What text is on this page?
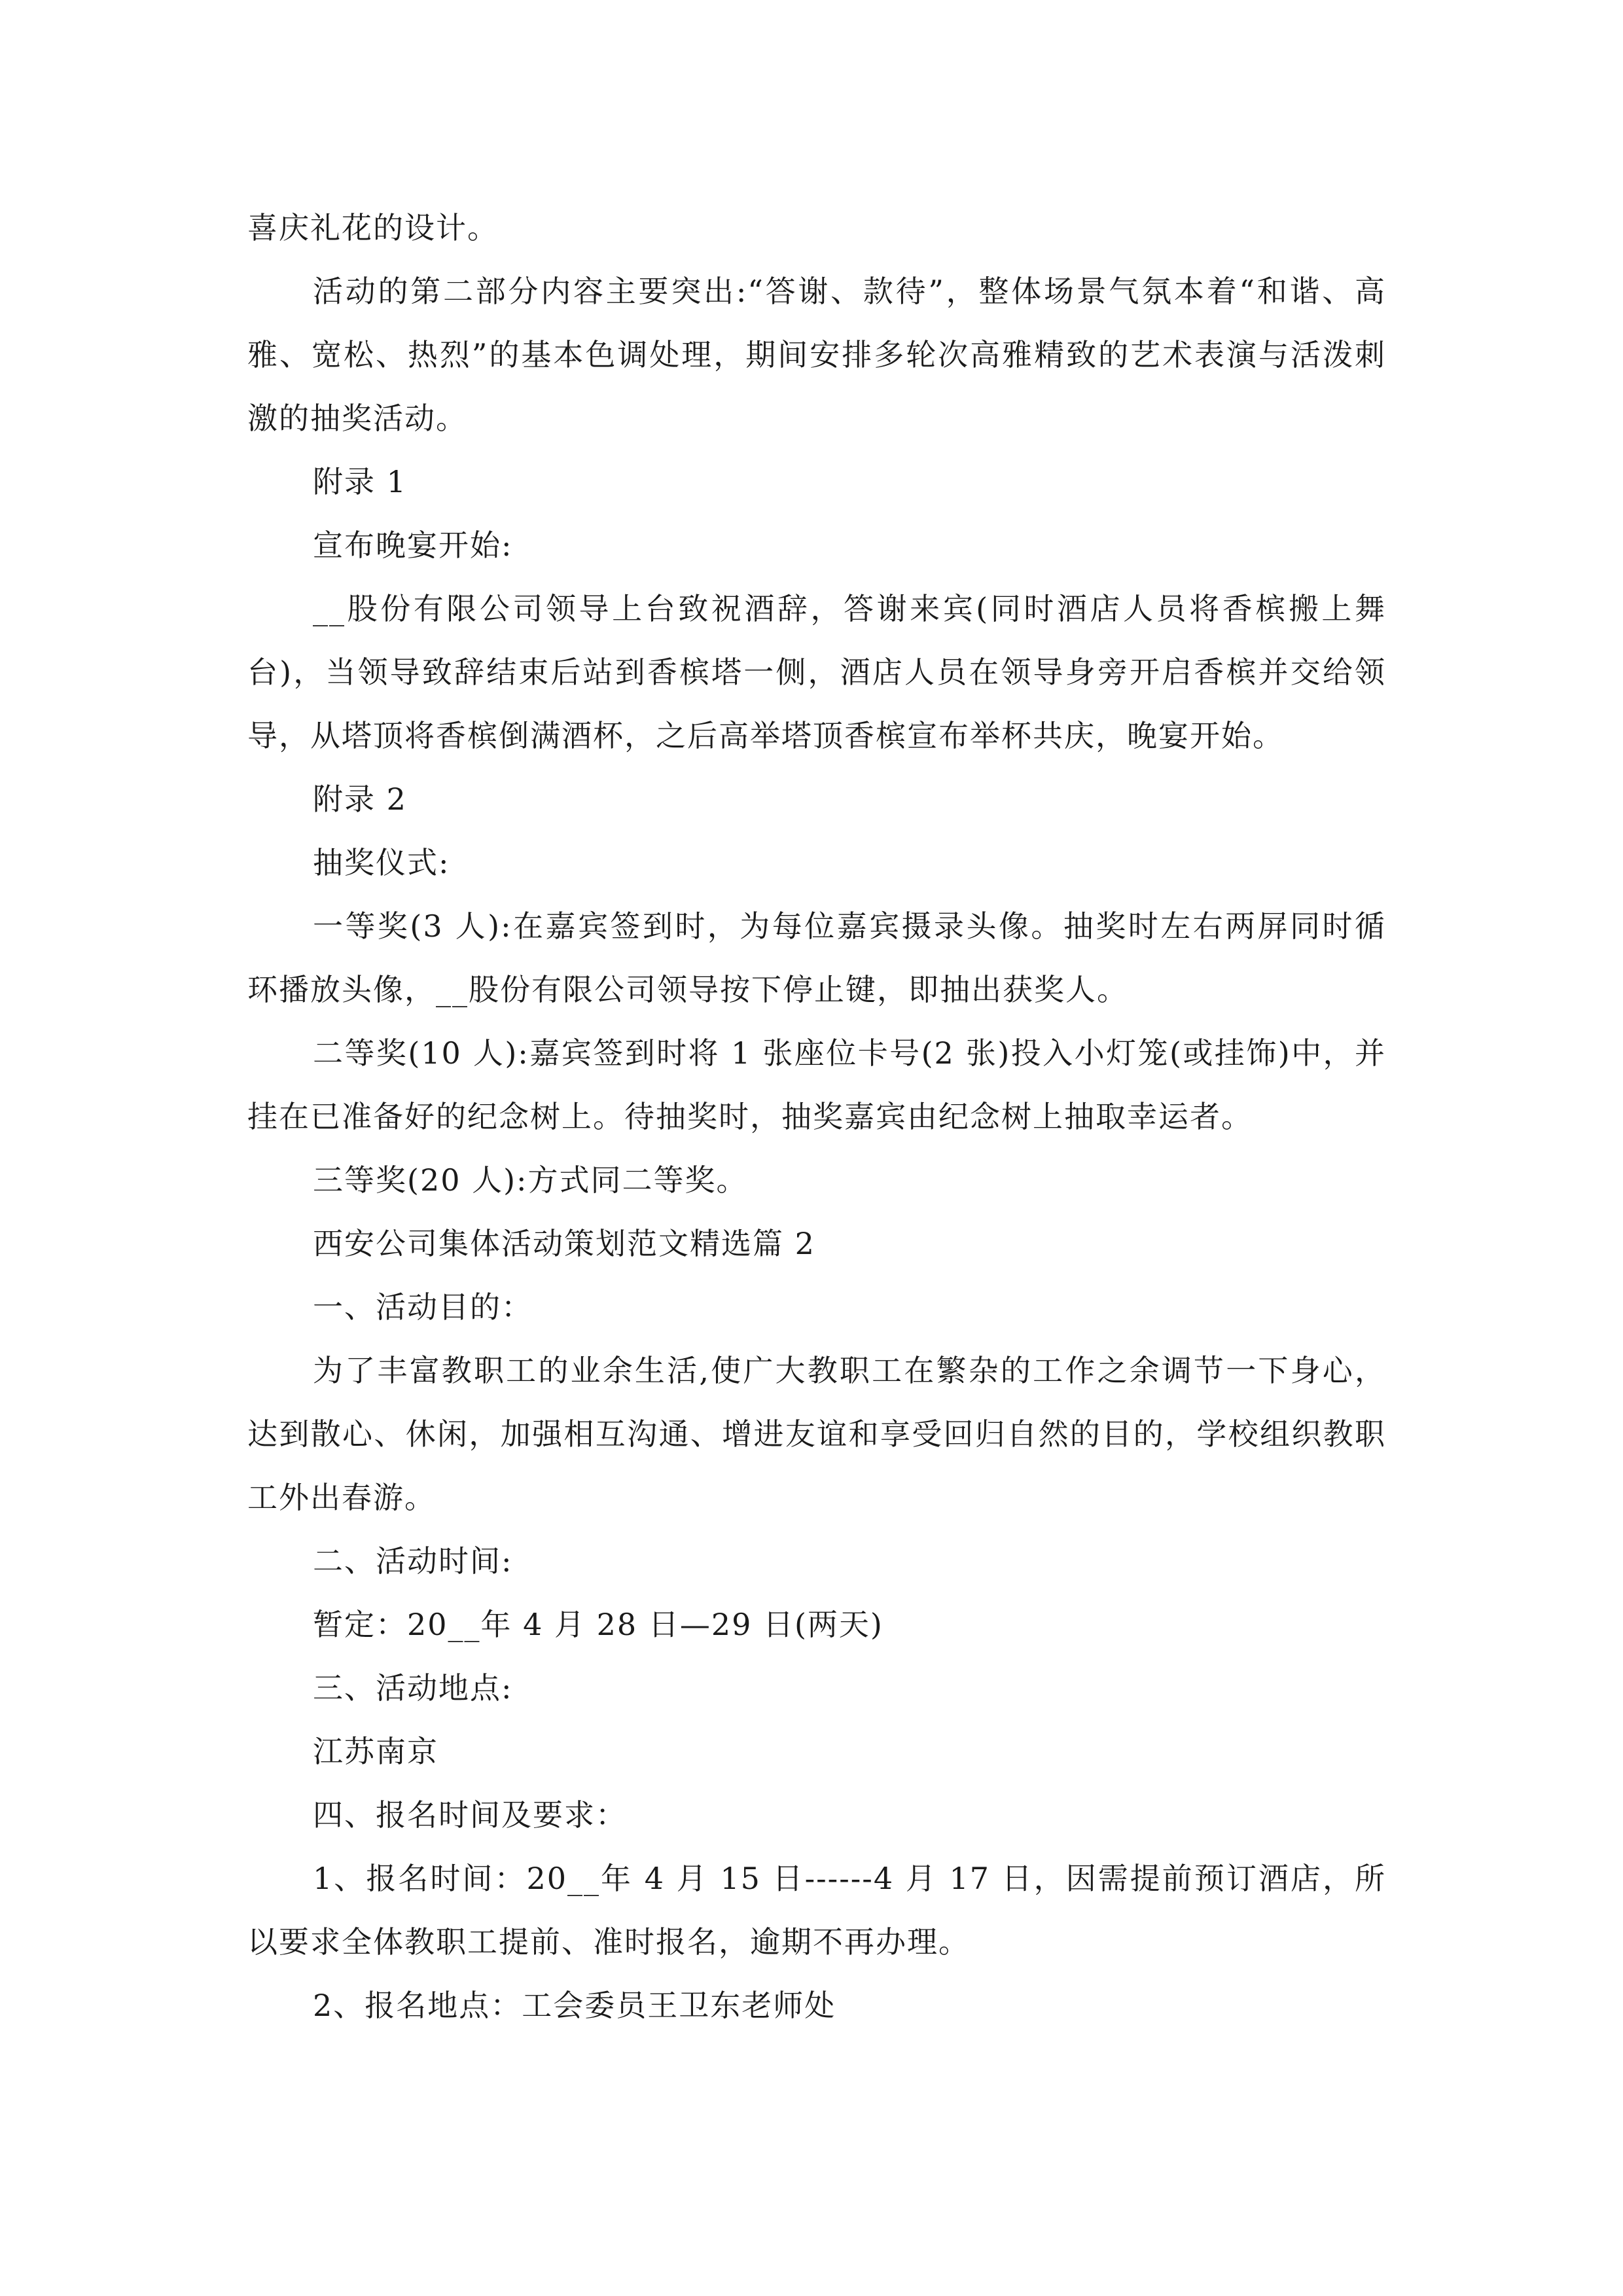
喜庆礼花的设计。

活动的第二部分内容主要突出:“答谢、款待”，整体场景气氛本着“和谐、高雅、宽松、热烈”的基本色调处理，期间安排多轮次高雅精致的艺术表演与活泼刺激的抽奖活动。

附录 1

宣布晚宴开始:

__股份有限公司领导上台致祝酒辞，答谢来宾(同时酒店人员将香槟搬上舞台)，当领导致辞结束后站到香槟塔一侧，酒店人员在领导身旁开启香槟并交给领导，从塔顶将香槟倒满酒杯，之后高举塔顶香槟宣布举杯共庆，晚宴开始。

附录 2

抽奖仪式:

一等奖(3 人):在嘉宾签到时，为每位嘉宾摄录头像。抽奖时左右两屏同时循环播放头像，__股份有限公司领导按下停止键，即抽出获奖人。

二等奖(10 人):嘉宾签到时将 1 张座位卡号(2 张)投入小灯笼(或挂饰)中，并挂在已准备好的纪念树上。待抽奖时，抽奖嘉宾由纪念树上抽取幸运者。

三等奖(20 人):方式同二等奖。

西安公司集体活动策划范文精选篇 2

一、活动目的：

为了丰富教职工的业余生活,使广大教职工在繁杂的工作之余调节一下身心，达到散心、休闲，加强相互沟通、增进友谊和享受回归自然的目的，学校组织教职工外出春游。

二、活动时间:

暂定：20__年 4 月 28 日—29 日(两天)

三、活动地点:

江苏南京

四、报名时间及要求：

1、报名时间：20__年 4 月 15 日------4 月 17 日，因需提前预订酒店，所以要求全体教职工提前、准时报名，逾期不再办理。

2、报名地点：工会委员王卫东老师处
